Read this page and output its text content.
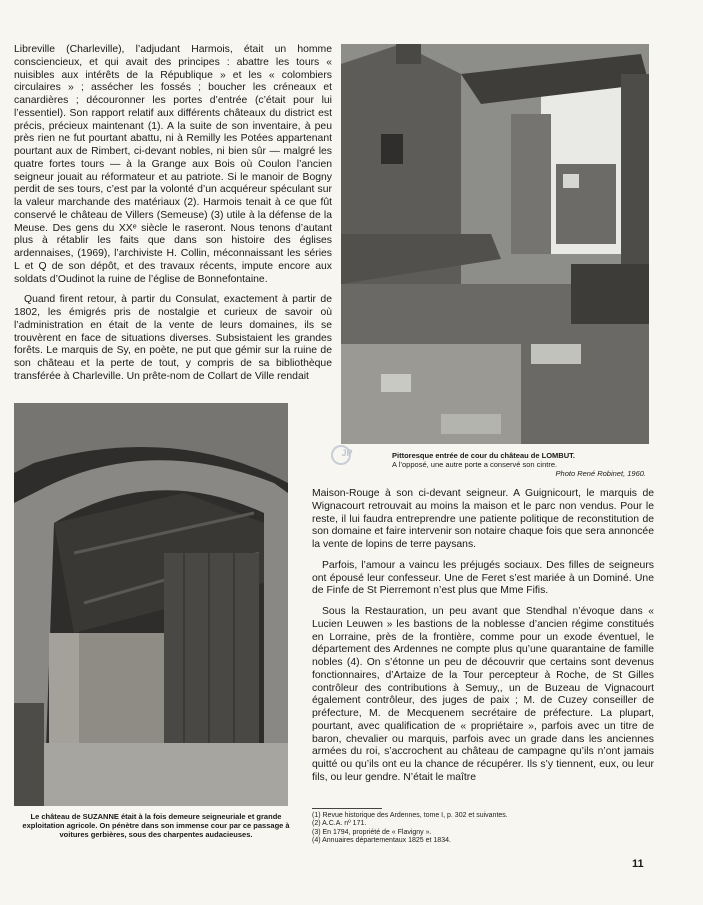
Libreville (Charleville), l’adjudant Harmois, était un homme consciencieux, et qui avait des principes : abattre les tours « nuisibles aux intérêts de la République » et les « colombiers circulaires » ; assécher les fossés ; boucher les créneaux et canardières ; découronner les portes d’entrée (c’était pour lui l’essentiel). Son rapport relatif aux différents châteaux du district est précis, précieux maintenant (1). A la suite de son inventaire, à peu près rien ne fut pourtant abattu, ni à Remilly les Potées appartenant pourtant aux de Rimbert, ci-devant nobles, ni bien sûr — malgré les quatre fortes tours — à la Grange aux Bois où Coulon l’ancien seigneur jouait au réformateur et au patriote. Si le manoir de Bogny perdit de ses tours, c’est par la volonté d’un acquéreur spéculant sur la valeur marchande des matériaux (2). Harmois tenait à ce que fût conservé le château de Villers (Semeuse) (3) utile à la défense de la Meuse. Des gens du XXᵉ siècle le raseront. Nous tenons d’autant plus à rétablir les faits que dans son histoire des églises ardennaises, (1969), l’archiviste H. Collin, méconnaissant les séries L et Q de son dépôt, et des travaux récents, impute encore aux soldats d’Oudinot la ruine de l’église de Bonnefontaine.

Quand firent retour, à partir du Consulat, exactement à partir de 1802, les émigrés pris de nostalgie et curieux de savoir où l’administration en était de la vente de leurs domaines, ils se trouvèrent en face de situations diverses. Subsistaient les grandes forêts. Le marquis de Sy, en poète, ne put que gémir sur la ruine de son château et la perte de tout, y compris de sa bibliothèque transférée à Charleville. Un prête-nom de Collart de Ville rendait

Pittoresque entrée de cour du château de LOMBUT.
A l’opposé, une autre porte a conservé son cintre.
Photo René Robinet, 1960.
JP
Le château de SUZANNE était à la fois demeure seigneuriale et grande exploitation agricole. On pénètre dans son immense cour par ce passage à voitures gerbières, sous des charpentes audacieuses.

Maison-Rouge à son ci-devant seigneur. A Guignicourt, le marquis de Wignacourt retrouvait au moins la maison et le parc non vendus. Pour le reste, il lui faudra entreprendre une patiente politique de reconstitution de son domaine et faire intervenir son notaire chaque fois que sera annoncée la vente de lopins de terre paysans.

Parfois, l’amour a vaincu les préjugés sociaux. Des filles de seigneurs ont épousé leur confesseur. Une de Feret s’est mariée à un Dominé. Une de Finfe de St Pierremont n’est plus que Mme Fifis.

Sous la Restauration, un peu avant que Stendhal n’évoque dans « Lucien Leuwen » les bastions de la noblesse d’ancien régime constitués en Lorraine, près de la frontière, comme pour un exode éventuel, le département des Ardennes ne compte plus qu’une quarantaine de famille nobles (4). On s’étonne un peu de découvrir que certains sont devenus fonctionnaires, d’Artaize de la Tour percepteur à Roche, de St Gilles contrôleur des contributions à Semuy,, un de Buzeau de Vignacourt également contrôleur, des juges de paix ; M. de Cuzey conseiller de préfecture, M. de Mecquenem secrétaire de préfecture. La plupart, pourtant, avec qualification de « propriétaire », parfois avec un titre de baron, chevalier ou marquis, parfois avec un grade dans les anciennes armées du roi, s’accrochent au château de campagne qu’ils n’ont jamais quitté ou qu’ils ont eu la chance de récupérer. Ils s’y tiennent, eux, ou leur fils, ou leur gendre. N’était le maître

(1) Revue historique des Ardennes, tome I, p. 302 et suivantes.
(2) A.C.A. nº 171.
(3) En 1794, propriété de « Flavigny ».
(4) Annuaires départementaux 1825 et 1834.
11
